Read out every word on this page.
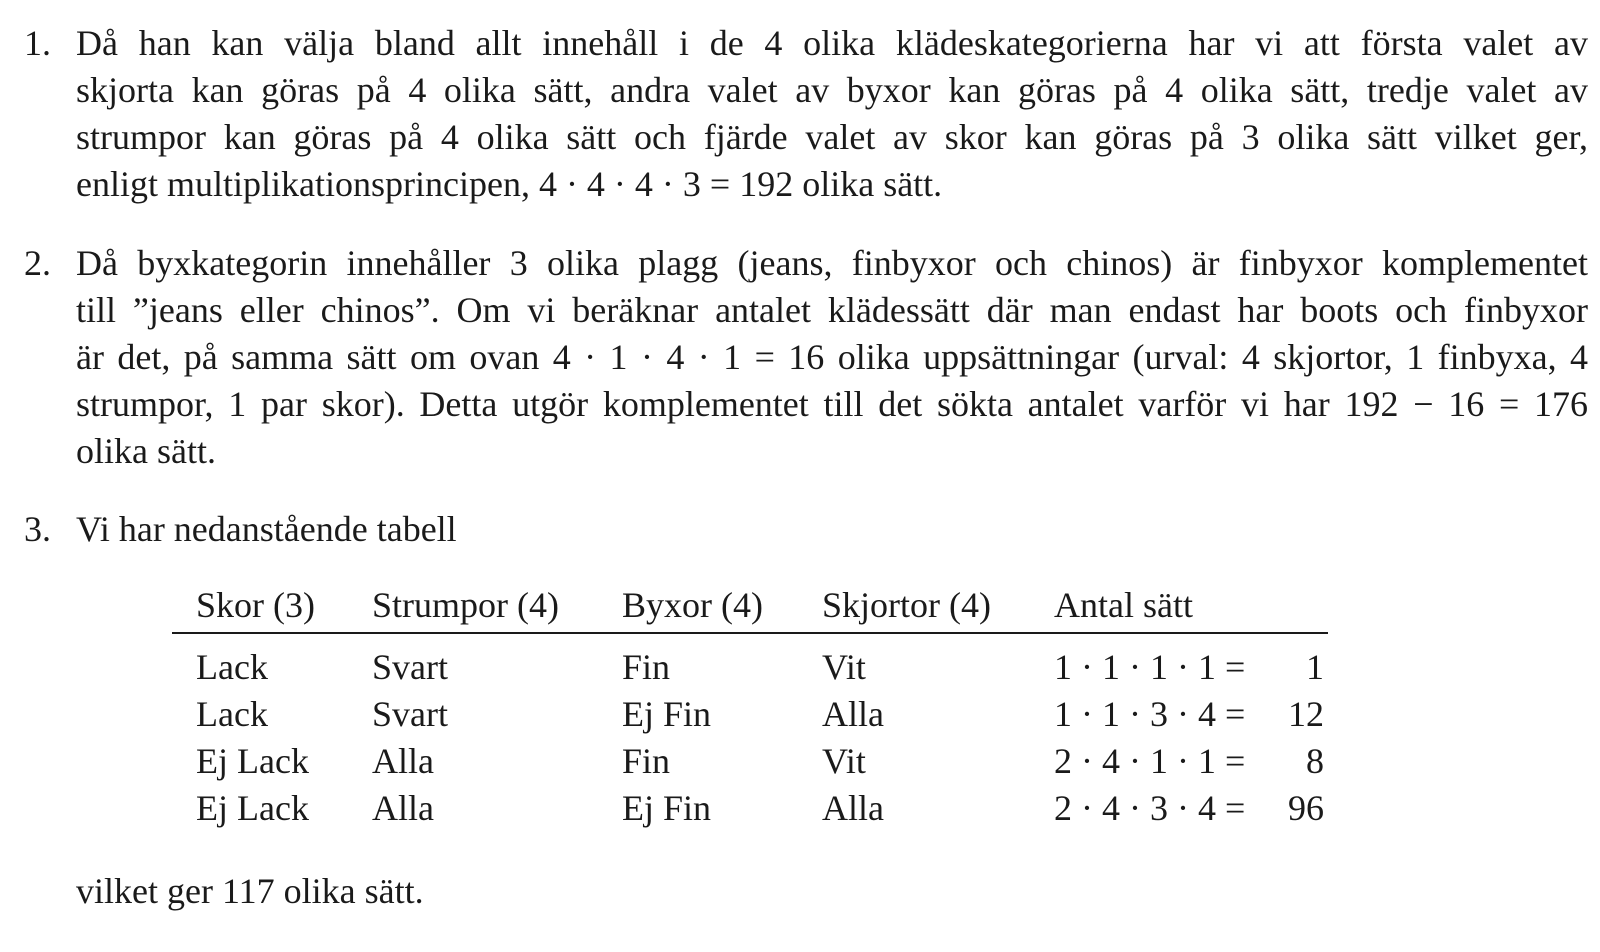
1. Då han kan välja bland allt innehåll i de 4 olika klädeskategorierna har vi att första valet av
skjorta kan göras på 4 olika sätt, andra valet av byxor kan göras på 4 olika sätt, tredje valet av
strumpor kan göras på 4 olika sätt och fjärde valet av skor kan göras på 3 olika sätt vilket ger,
enligt multiplikationsprincipen, 4 · 4 · 4 · 3 = 192 olika sätt.
2. Då byxkategorin innehåller 3 olika plagg (jeans, finbyxor och chinos) är finbyxor komplementet
till ”jeans eller chinos”. Om vi beräknar antalet klädessätt där man endast har boots och finbyxor
är det, på samma sätt om ovan 4 · 1 · 4 · 1 = 16 olika uppsättningar (urval: 4 skjortor, 1 finbyxa, 4
strumpor, 1 par skor). Detta utgör komplementet till det sökta antalet varför vi har 192 − 16 = 176
olika sätt.
3. Vi har nedanstående tabell
Skor (3)	Strumpor (4)	Byxor (4)	Skjortor (4)	Antal sätt
Lack	Svart	Fin	Vit	1 · 1 · 1 · 1 = 1
Lack	Svart	Ej Fin	Alla	1 · 1 · 3 · 4 = 12
Ej Lack	Alla	Fin	Vit	2 · 4 · 1 · 1 = 8
Ej Lack	Alla	Ej Fin	Alla	2 · 4 · 3 · 4 = 96
vilket ger 117 olika sätt.
